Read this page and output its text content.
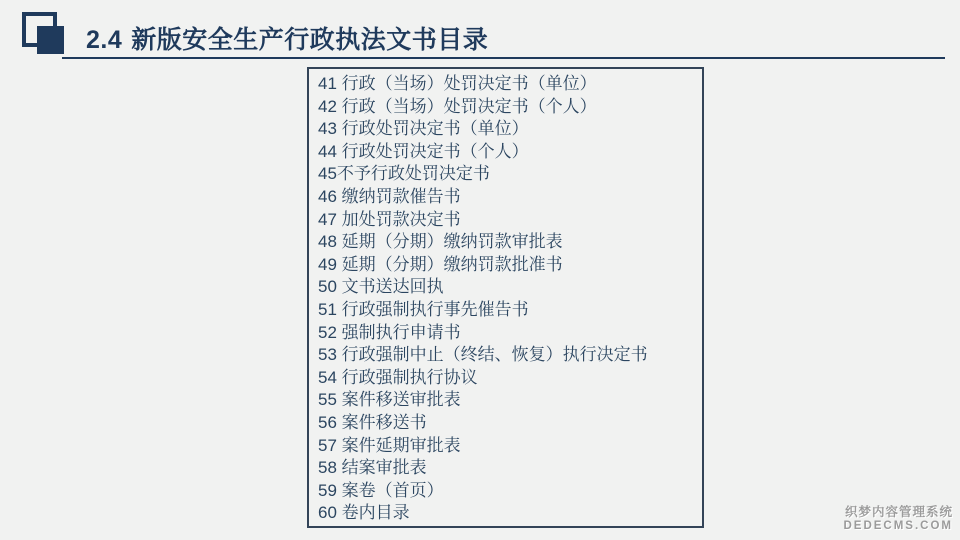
2.4 新版安全生产行政执法文书目录
41 行政（当场）处罚决定书（单位）
42 行政（当场）处罚决定书（个人）
43 行政处罚决定书（单位）
44 行政处罚决定书（个人）
45不予行政处罚决定书
46 缴纳罚款催告书
47 加处罚款决定书
48 延期（分期）缴纳罚款审批表
49 延期（分期）缴纳罚款批准书
50 文书送达回执
51 行政强制执行事先催告书
52 强制执行申请书
53 行政强制中止（终结、恢复）执行决定书
54 行政强制执行协议
55 案件移送审批表
56 案件移送书
57 案件延期审批表
58 结案审批表
59 案卷（首页）
60 卷内目录	织梦内容管理系统
DEDECMS.COM
